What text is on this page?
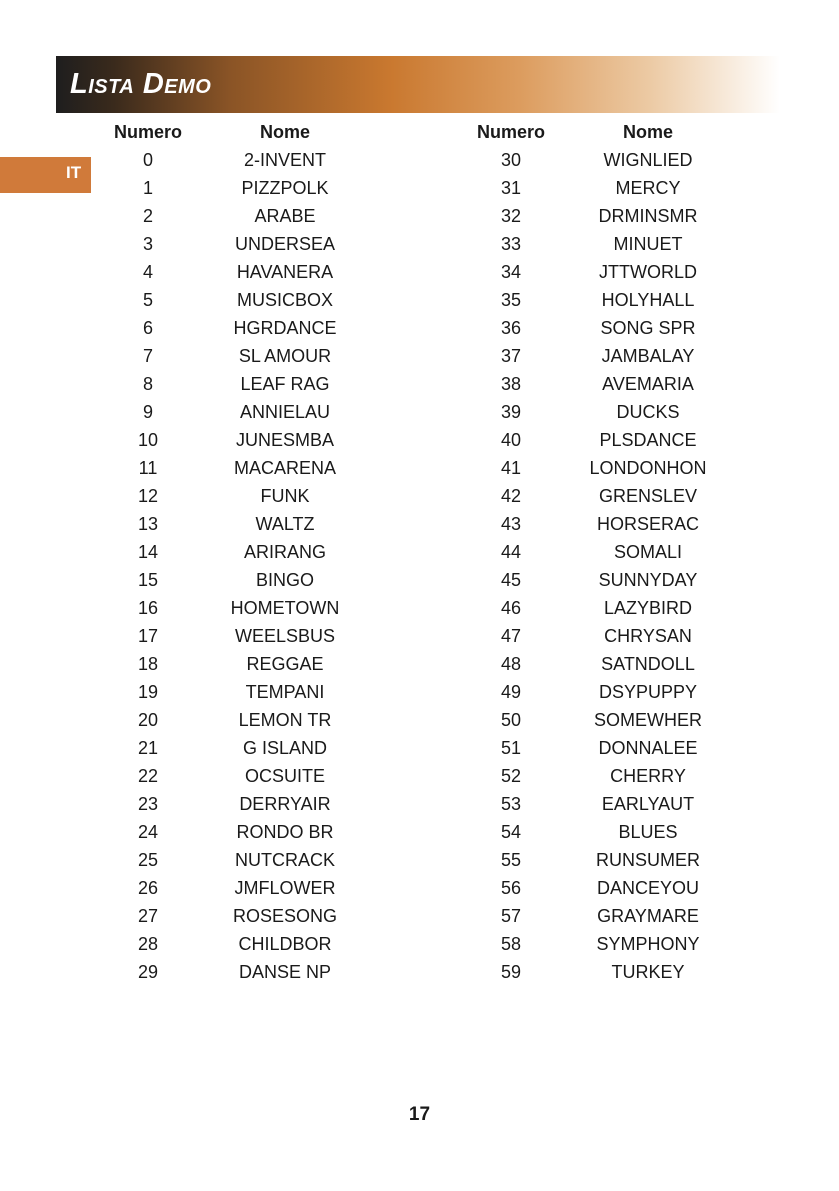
Lista Demo
IT
Numero	Nome
0	2-INVENT
1	PIZZPOLK
2	ARABE
3	UNDERSEA
4	HAVANERA
5	MUSICBOX
6	HGRDANCE
7	SL AMOUR
8	LEAF RAG
9	ANNIELAU
10	JUNESMBA
11	MACARENA
12	FUNK
13	WALTZ
14	ARIRANG
15	BINGO
16	HOMETOWN
17	WEELSBUS
18	REGGAE
19	TEMPANI
20	LEMON TR
21	G ISLAND
22	OCSUITE
23	DERRYAIR
24	RONDO BR
25	NUTCRACK
26	JMFLOWER
27	ROSESONG
28	CHILDBOR
29	DANSE NP
Numero	Nome
30	WIGNLIED
31	MERCY
32	DRMINSMR
33	MINUET
34	JTTWORLD
35	HOLYHALL
36	SONG SPR
37	JAMBALAY
38	AVEMARIA
39	DUCKS
40	PLSDANCE
41	LONDONHON
42	GRENSLEV
43	HORSERAC
44	SOMALI
45	SUNNYDAY
46	LAZYBIRD
47	CHRYSAN
48	SATNDOLL
49	DSYPUPPY
50	SOMEWHER
51	DONNALEE
52	CHERRY
53	EARLYAUT
54	BLUES
55	RUNSUMER
56	DANCEYOU
57	GRAYMARE
58	SYMPHONY
59	TURKEY
17
